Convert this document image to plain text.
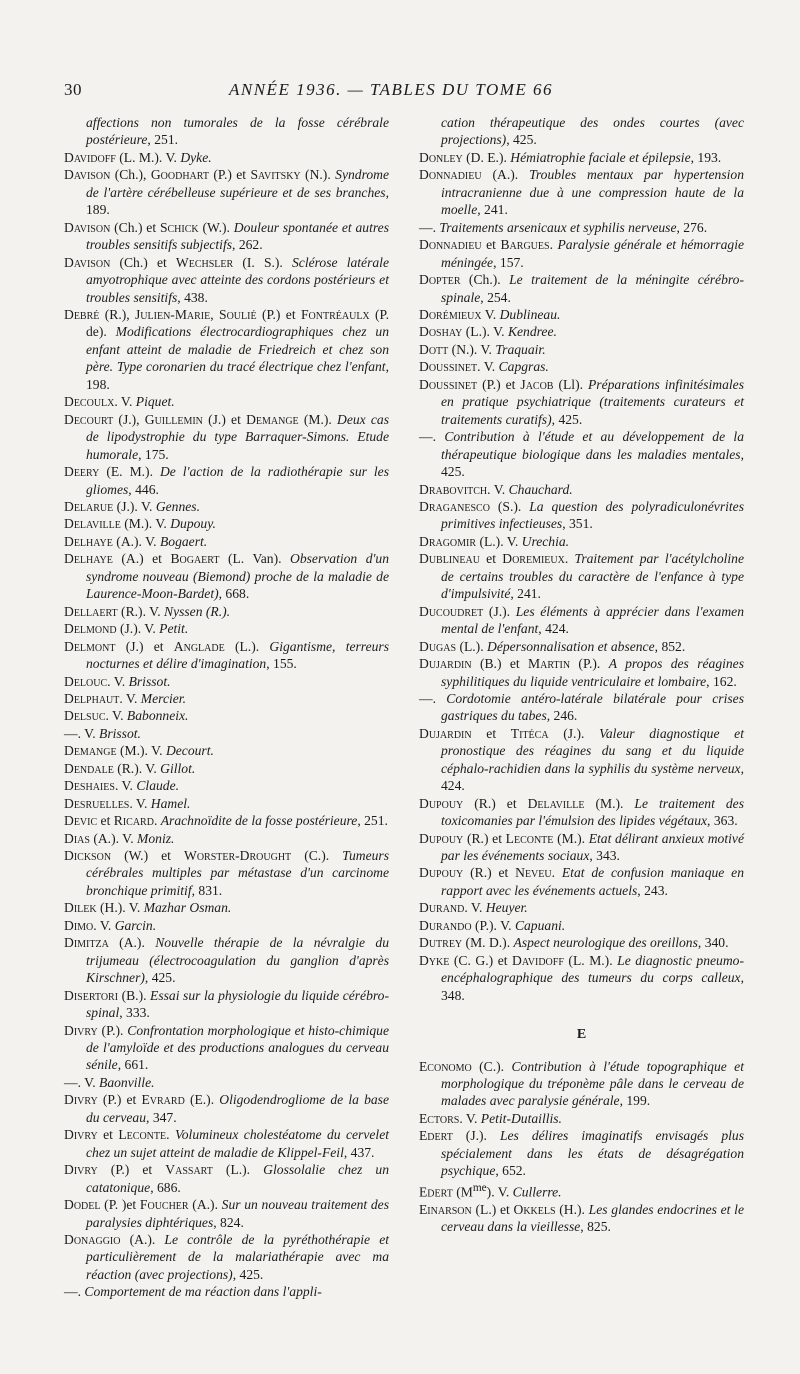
30	ANNÉE 1936. — TABLES DU TOME 66

affections non tumorales de la fosse cérébrale postérieure, 251.

Davidoff (L. M.). V. Dyke.

Davison (Ch.), Goodhart (P.) et Savitsky (N.). Syndrome de l'artère cérébelleuse supérieure et de ses branches, 189.

Davison (Ch.) et Schick (W.). Douleur spontanée et autres troubles sensitifs subjectifs, 262.

Davison (Ch.) et Wechsler (I. S.). Sclérose latérale amyotrophique avec atteinte des cordons postérieurs et troubles sensitifs, 438.

Debré (R.), Julien-Marie, Soulié (P.) et Fontréaulx (P. de). Modifications électrocardiographiques chez un enfant atteint de maladie de Friedreich et chez son père. Type coronarien du tracé électrique chez l'enfant, 198.

Decoulx. V. Piquet.

Decourt (J.), Guillemin (J.) et Demange (M.). Deux cas de lipodystrophie du type Barraquer-Simons. Etude humorale, 175.

Deery (E. M.). De l'action de la radiothérapie sur les gliomes, 446.

Delarue (J.). V. Gennes.

Delaville (M.). V. Dupouy.

Delhaye (A.). V. Bogaert.

Delhaye (A.) et Bogaert (L. Van). Observation d'un syndrome nouveau (Biemond) proche de la maladie de Laurence-Moon-Bardet), 668.

Dellaert (R.). V. Nyssen (R.).

Delmond (J.). V. Petit.

Delmont (J.) et Anglade (L.). Gigantisme, terreurs nocturnes et délire d'imagination, 155.

Delouc. V. Brissot.

Delphaut. V. Mercier.

Delsuc. V. Babonneix.

—. V. Brissot.

Demange (M.). V. Decourt.

Dendale (R.). V. Gillot.

Deshaies. V. Claude.

Desruelles. V. Hamel.

Devic et Ricard. Arachnoïdite de la fosse postérieure, 251.

Dias (A.). V. Moniz.

Dickson (W.) et Worster-Drought (C.). Tumeurs cérébrales multiples par métastase d'un carcinome bronchique primitif, 831.

Dilek (H.). V. Mazhar Osman.

Dimo. V. Garcin.

Dimitza (A.). Nouvelle thérapie de la névralgie du trijumeau (électrocoagulation du ganglion d'après Kirschner), 425.

Disertori (B.). Essai sur la physiologie du liquide cérébro-spinal, 333.

Divry (P.). Confrontation morphologique et histo-chimique de l'amyloïde et des productions analogues du cerveau sénile, 661.

—. V. Baonville.

Divry (P.) et Evrard (E.). Oligodendrogliome de la base du cerveau, 347.

Divry et Leconte. Volumineux cholestéatome du cervelet chez un sujet atteint de maladie de Klippel-Feil, 437.

Divry (P.) et Vassart (L.). Glossolalie chez un catatonique, 686.

Dodel (P. )et Foucher (A.). Sur un nouveau traitement des paralysies diphtériques, 824.

Donaggio (A.). Le contrôle de la pyréthothérapie et particulièrement de la malariathérapie avec ma réaction (avec projections), 425.

—. Comportement de ma réaction dans l'appli-

cation thérapeutique des ondes courtes (avec projections), 425.

Donley (D. E.). Hémiatrophie faciale et épilepsie, 193.

Donnadieu (A.). Troubles mentaux par hypertension intracranienne due à une compression haute de la moelle, 241.

—. Traitements arsenicaux et syphilis nerveuse, 276.

Donnadieu et Bargues. Paralysie générale et hémorragie méningée, 157.

Dopter (Ch.). Le traitement de la méningite cérébro-spinale, 254.

Dorémieux V. Dublineau.

Doshay (L.). V. Kendree.

Dott (N.). V. Traquair.

Doussinet. V. Capgras.

Doussinet (P.) et Jacob (Ll). Préparations infinitésimales en pratique psychiatrique (traitements curateurs et traitements curatifs), 425.

—. Contribution à l'étude et au développement de la thérapeutique biologique dans les maladies mentales, 425.

Drabovitch. V. Chauchard.

Draganesco (S.). La question des polyradiculonévrites primitives infectieuses, 351.

Dragomir (L.). V. Urechia.

Dublineau et Doremieux. Traitement par l'acétylcholine de certains troubles du caractère de l'enfance à type d'impulsivité, 241.

Ducoudret (J.). Les éléments à apprécier dans l'examen mental de l'enfant, 424.

Dugas (L.). Dépersonnalisation et absence, 852.

Dujardin (B.) et Martin (P.). A propos des réagines syphilitiques du liquide ventriculaire et lombaire, 162.

—. Cordotomie antéro-latérale bilatérale pour crises gastriques du tabes, 246.

Dujardin et Titéca (J.). Valeur diagnostique et pronostique des réagines du sang et du liquide céphalo-rachidien dans la syphilis du système nerveux, 424.

Dupouy (R.) et Delaville (M.). Le traitement des toxicomanies par l'émulsion des lipides végétaux, 363.

Dupouy (R.) et Leconte (M.). Etat délirant anxieux motivé par les événements sociaux, 343.

Dupouy (R.) et Neveu. Etat de confusion maniaque en rapport avec les événements actuels, 243.

Durand. V. Heuyer.

Durando (P.). V. Capuani.

Dutrey (M. D.). Aspect neurologique des oreillons, 340.

Dyke (C. G.) et Davidoff (L. M.). Le diagnostic pneumo-encéphalographique des tumeurs du corps calleux, 348.

E

Economo (C.). Contribution à l'étude topographique et morphologique du tréponème pâle dans le cerveau de malades avec paralysie générale, 199.

Ectors. V. Petit-Dutaillis.

Edert (J.). Les délires imaginatifs envisagés plus spécialement dans les états de désagrégation psychique, 652.

Edert $(M^{me})$. V. Cullerre.

Einarson (L.) et Okkels (H.). Les glandes endocrines et le cerveau dans la vieillesse, 825.
